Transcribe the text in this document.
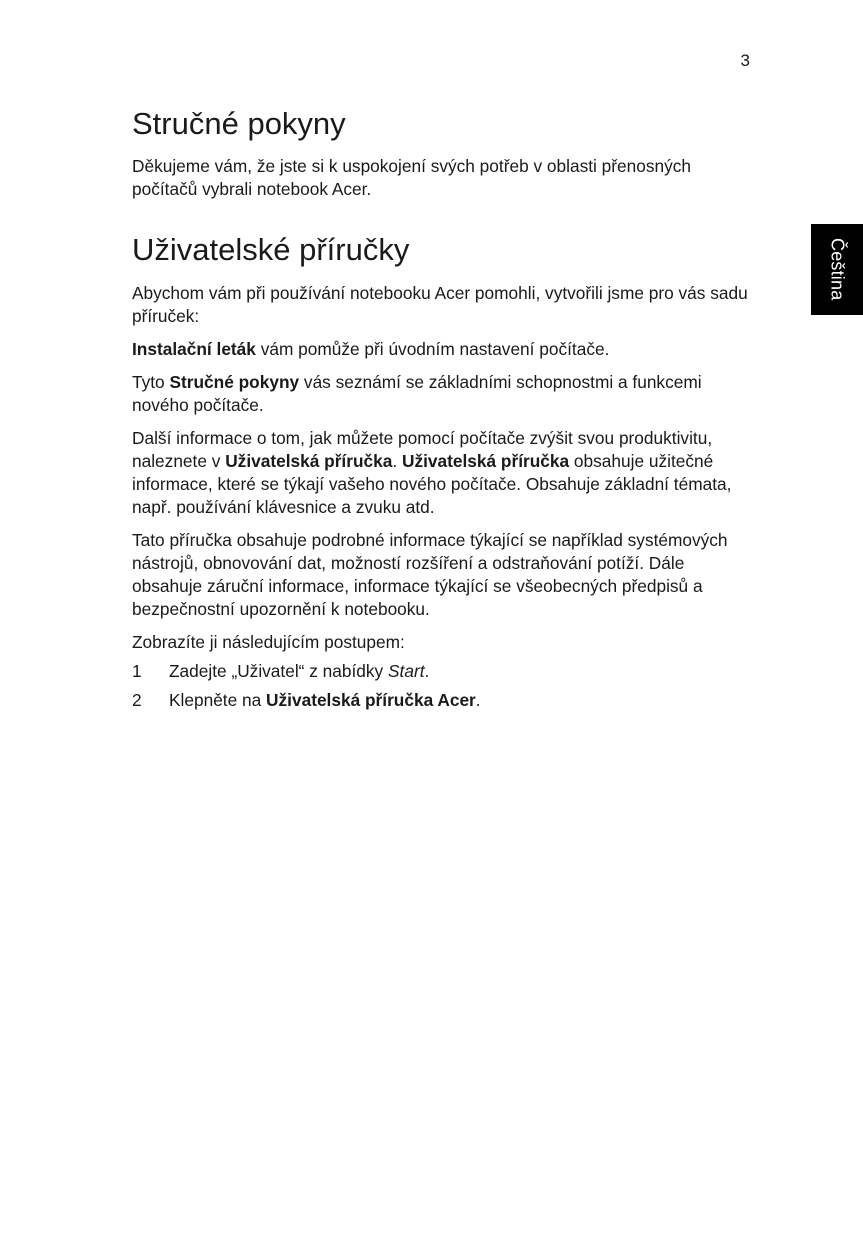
3
Čeština
Stručné pokyny

Děkujeme vám, že jste si k uspokojení svých potřeb v oblasti přenosných počítačů vybrali notebook Acer.

Uživatelské příručky

Abychom vám při používání notebooku Acer pomohli, vytvořili jsme pro vás sadu příruček:

Instalační leták vám pomůže při úvodním nastavení počítače.

Tyto Stručné pokyny vás seznámí se základními schopnostmi a funkcemi nového počítače.

Další informace o tom, jak můžete pomocí počítače zvýšit svou produktivitu, naleznete v Uživatelská příručka. Uživatelská příručka obsahuje užitečné informace, které se týkají vašeho nového počítače. Obsahuje základní témata, např. používání klávesnice a zvuku atd.

Tato příručka obsahuje podrobné informace týkající se například systémových nástrojů, obnovování dat, možností rozšíření a odstraňování potíží. Dále obsahuje záruční informace, informace týkající se všeobecných předpisů a bezpečnostní upozornění k notebooku.

Zobrazíte ji následujícím postupem:

1	Zadejte „Uživatel“ z nabídky Start.
2	Klepněte na Uživatelská příručka Acer.
